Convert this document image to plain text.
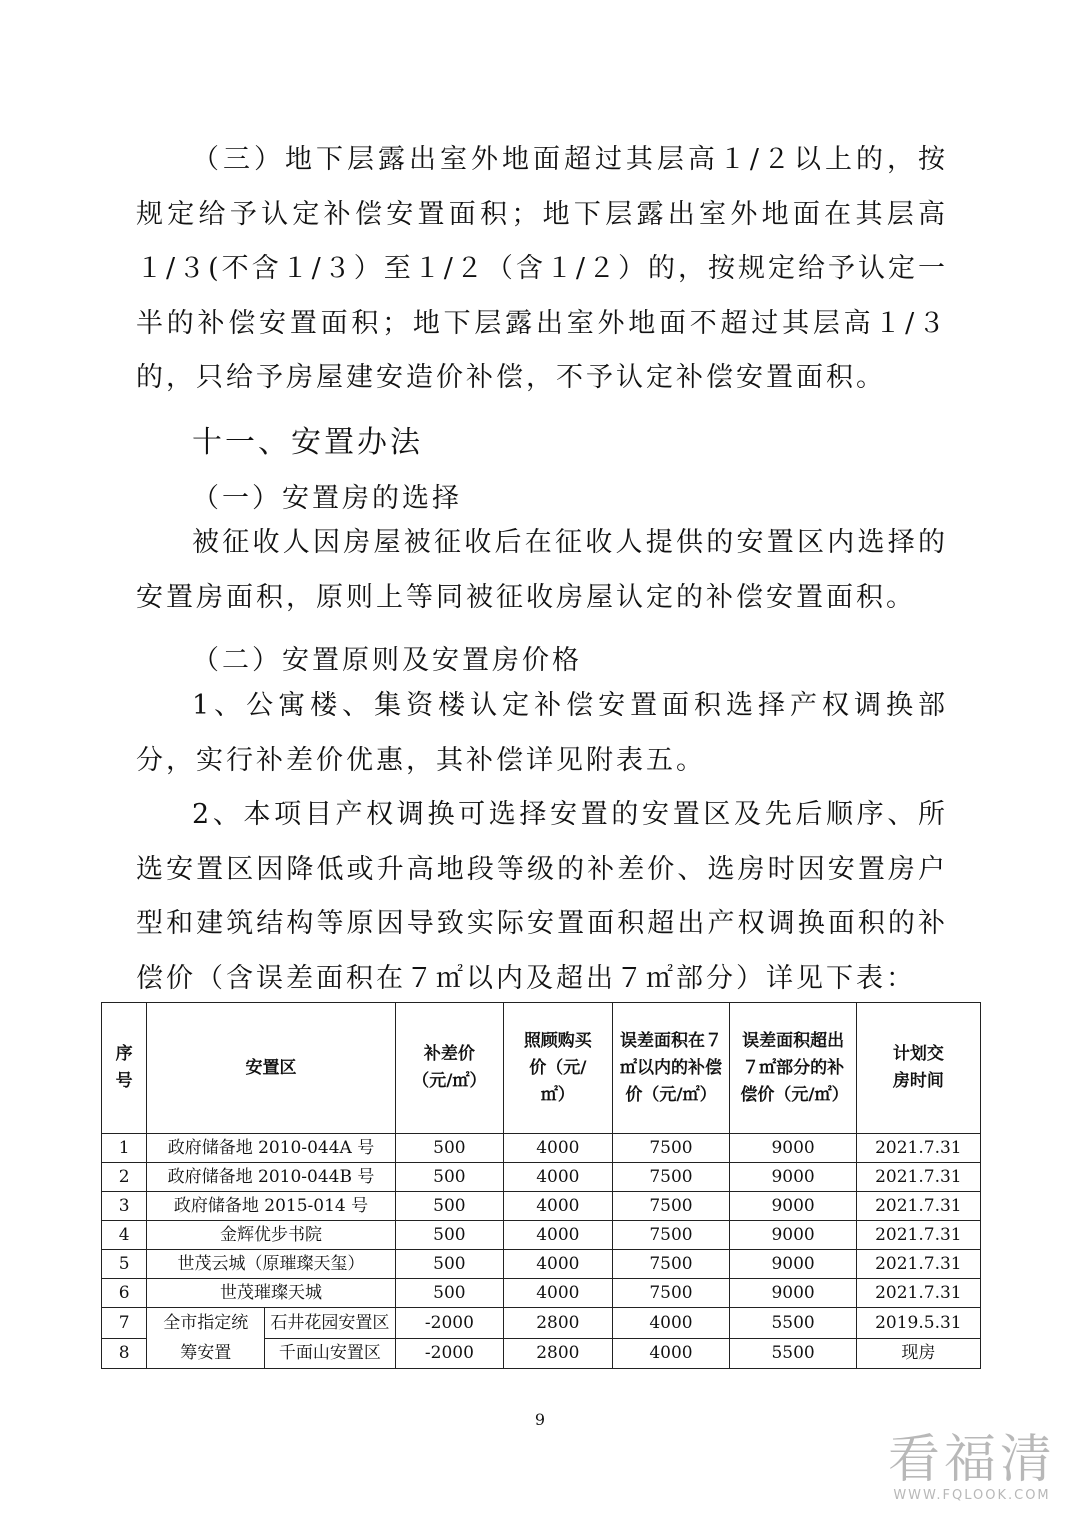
（三）地下层露出室外地面超过其层高１/２以上的，按规定给予认定补偿安置面积；地下层露出室外地面在其层高１/３(不含１/３）至１/２（含１/２）的，按规定给予认定一半的补偿安置面积；地下层露出室外地面不超过其层高１/３的，只给予房屋建安造价补偿，不予认定补偿安置面积。

十一、安置办法

（一）安置房的选择

被征收人因房屋被征收后在征收人提供的安置区内选择的安置房面积，原则上等同被征收房屋认定的补偿安置面积。

（二）安置原则及安置房价格

1、公寓楼、集资楼认定补偿安置面积选择产权调换部分，实行补差价优惠，其补偿详见附表五。

2、本项目产权调换可选择安置的安置区及先后顺序、所选安置区因降低或升高地段等级的补差价、选房时因安置房户型和建筑结构等原因导致实际安置面积超出产权调换面积的补偿价（含误差面积在７㎡以内及超出７㎡部分）详见下表：

序号	安置区		补差价（元/㎡）	照顾购买价（元/㎡）	误差面积在７㎡以内的补偿价（元/㎡）	误差面积超出７㎡部分的补偿价（元/㎡）	计划交房时间
1	政府储备地 2010-044A 号		500	4000	7500	9000	2021.7.31
2	政府储备地 2010-044B 号		500	4000	7500	9000	2021.7.31
3	政府储备地 2015-014 号		500	4000	7500	9000	2021.7.31
4	金辉优步书院		500	4000	7500	9000	2021.7.31
5	世茂云城（原璀璨天玺）		500	4000	7500	9000	2021.7.31
6	世茂璀璨天城		500	4000	7500	9000	2021.7.31
7	全市指定统筹安置	石井花园安置区	-2000	2800	4000	5500	2019.5.31
8		千面山安置区	-2000	2800	4000	5500	现房

9

看福清
WWW.FQLOOK.COM
